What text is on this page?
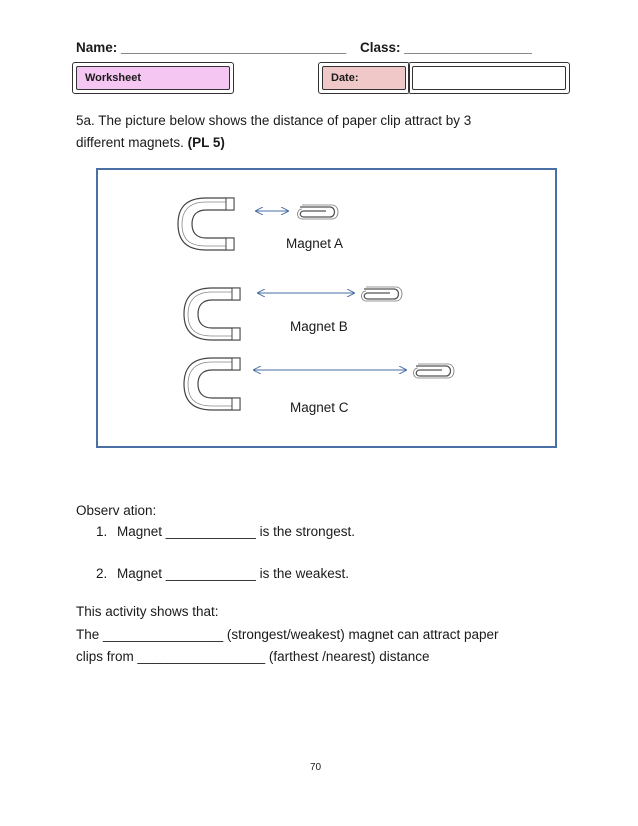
Name: ______________________________ Class: _________________
Worksheet	Date:
5a. The picture below shows the distance of paper clip attract by 3
different magnets. (PL 5)
Magnet A
Magnet B
Magnet C
Observ ation:
1. Magnet ____________ is the strongest.
2. Magnet ____________ is the weakest.
This activity shows that:
The ________________ (strongest/weakest) magnet can attract paper
clips from _________________ (farthest /nearest) distance
70
